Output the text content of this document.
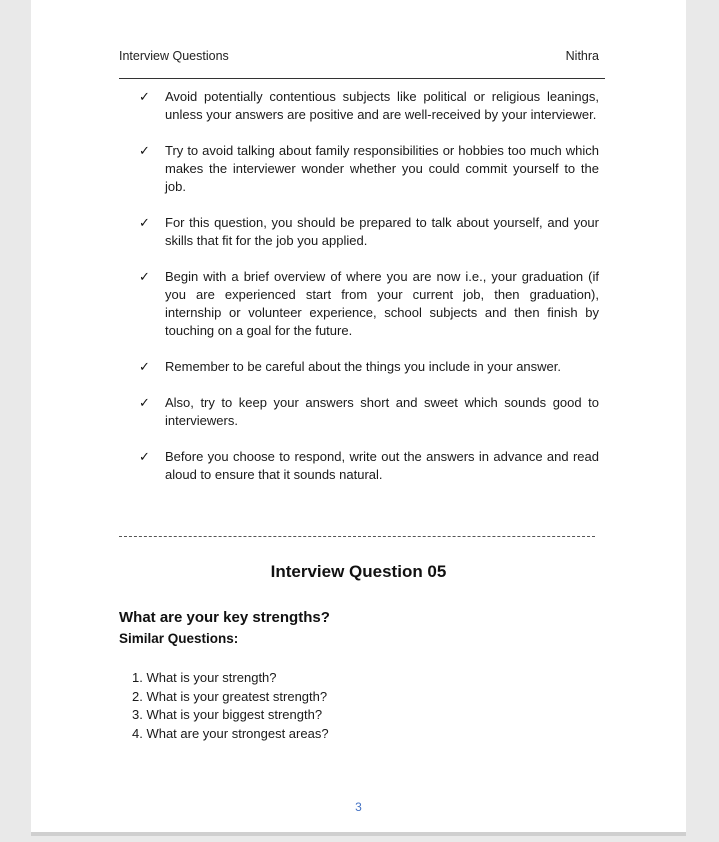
Interview Questions	Nithra
✓ Avoid potentially contentious subjects like political or religious leanings, unless your answers are positive and are well-received by your interviewer.
✓ Try to avoid talking about family responsibilities or hobbies too much which makes the interviewer wonder whether you could commit yourself to the job.
✓ For this question, you should be prepared to talk about yourself, and your skills that fit for the job you applied.
✓ Begin with a brief overview of where you are now i.e., your graduation (if you are experienced start from your current job, then graduation), internship or volunteer experience, school subjects and then finish by touching on a goal for the future.
✓ Remember to be careful about the things you include in your answer.
✓ Also, try to keep your answers short and sweet which sounds good to interviewers.
✓ Before you choose to respond, write out the answers in advance and read aloud to ensure that it sounds natural.
Interview Question 05
What are your key strengths?
Similar Questions:
1. What is your strength?
2. What is your greatest strength?
3. What is your biggest strength?
4. What are your strongest areas?
3
